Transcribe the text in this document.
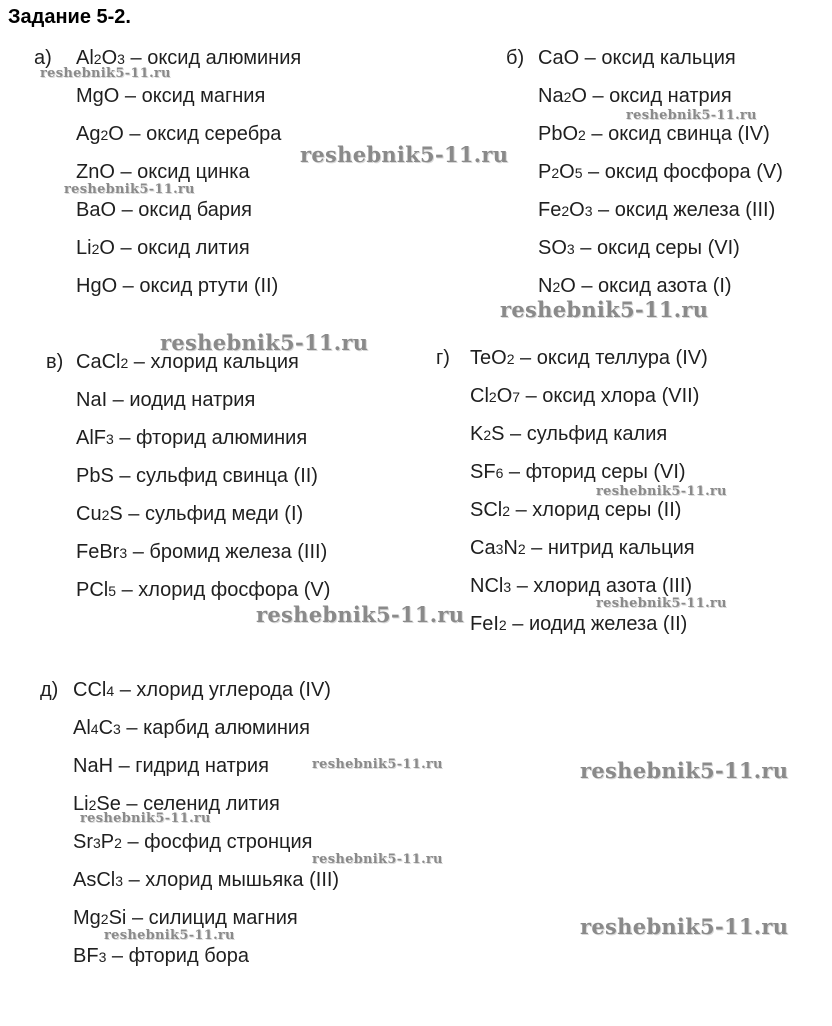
Задание 5-2.
а)	б)
в)	г)
д)
Al2O3 – оксид алюминия
MgO – оксид магния
Ag2O – оксид серебра
ZnO – оксид цинка
BaO – оксид бария
Li2O – оксид лития
HgO – оксид ртути (II)
CaO – оксид кальция
Na2O – оксид натрия
PbO2 – оксид свинца (IV)
P2O5 – оксид фосфора (V)
Fe2O3 – оксид железа (III)
SO3 – оксид серы (VI)
N2O – оксид азота (I)
CaCl2 – хлорид кальция
NaI – иодид натрия
AlF3 – фторид алюминия
PbS – сульфид свинца (II)
Cu2S – сульфид меди (I)
FeBr3 – бромид железа (III)
PCl5 – хлорид фосфора (V)
TeO2 – оксид теллура (IV)
Cl2O7 – оксид хлора (VII)
K2S – сульфид калия
SF6 – фторид серы (VI)
SCl2 – хлорид серы (II)
Ca3N2 – нитрид кальция
NCl3 – хлорид азота (III)
FeI2 – иодид железа (II)
CCl4 – хлорид углерода (IV)
Al4C3 – карбид алюминия
NaH – гидрид натрия
Li2Se – селенид лития
Sr3P2 – фосфид стронция
AsCl3 – хлорид мышьяка (III)
Mg2Si – силицид магния
BF3 – фторид бора
reshebnik5-11.ru
reshebnik5-11.ru
reshebnik5-11.ru
reshebnik5-11.ru
reshebnik5-11.ru
reshebnik5-11.ru
reshebnik5-11.ru
reshebnik5-11.ru
reshebnik5-11.ru
reshebnik5-11.ru	reshebnik5-11.ru
reshebnik5-11.ru
reshebnik5-11.ru
reshebnik5-11.ru
reshebnik5-11.ru
